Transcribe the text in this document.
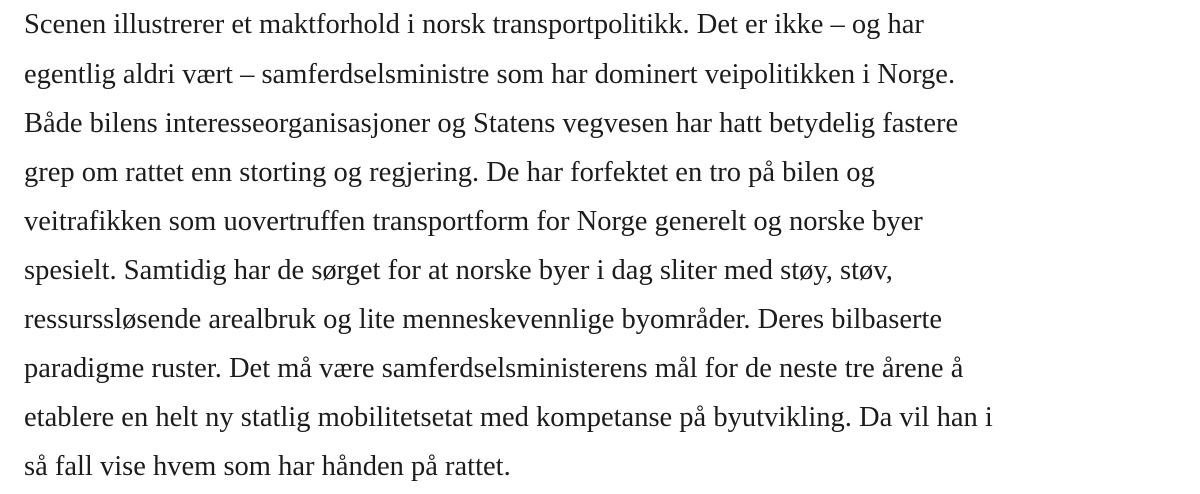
Scenen illustrerer et maktforhold i norsk transportpolitikk. Det er ikke – og har
egentlig aldri vært – samferdselsministre som har dominert veipolitikken i Norge.
Både bilens interesseorganisasjoner og Statens vegvesen har hatt betydelig fastere
grep om rattet enn storting og regjering. De har forfektet en tro på bilen og
veitrafikken som uovertruffen transportform for Norge generelt og norske byer
spesielt. Samtidig har de sørget for at norske byer i dag sliter med støy, støv,
ressurssløsende arealbruk og lite menneskevennlige byområder. Deres bilbaserte
paradigme ruster. Det må være samferdselsministerens mål for de neste tre årene å
etablere en helt ny statlig mobilitetsetat med kompetanse på byutvikling. Da vil han i
så fall vise hvem som har hånden på rattet.
